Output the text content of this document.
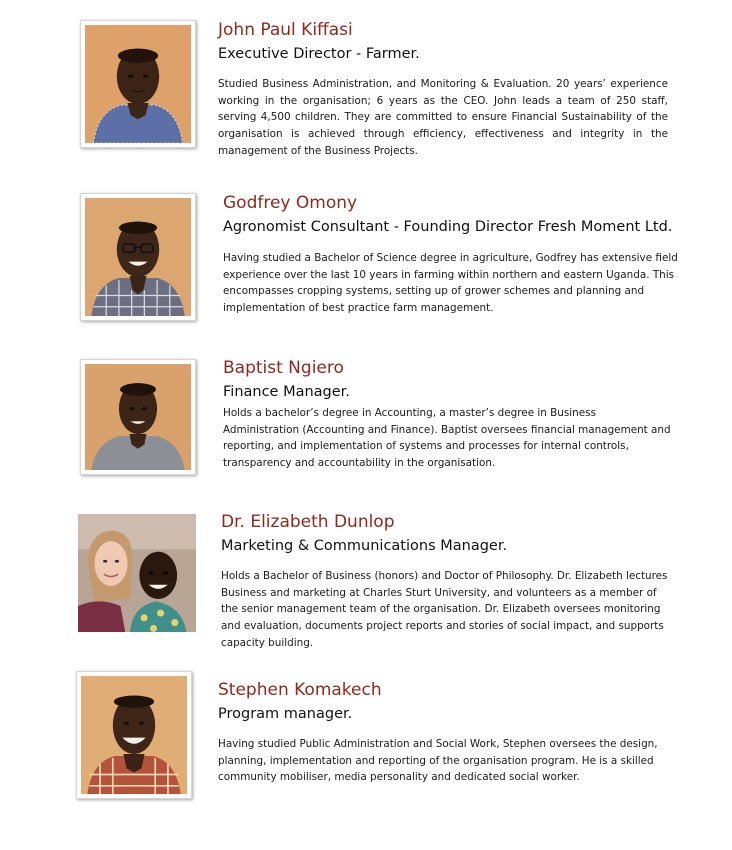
John Paul Kiffasi
Executive Director - Farmer.

Studied Business Administration, and Monitoring & Evaluation. 20 years’ experience working in the organisation; 6 years as the CEO. John leads a team of 250 staff, serving 4,500 children. They are committed to ensure Financial Sustainability of the organisation is achieved through efficiency, effectiveness and integrity in the management of the Business Projects.

Godfrey Omony
Agronomist Consultant - Founding Director Fresh Moment Ltd.

Having studied a Bachelor of Science degree in agriculture, Godfrey has extensive field experience over the last 10 years in farming within northern and eastern Uganda. This encompasses cropping systems, setting up of grower schemes and planning and implementation of best practice farm management.

Baptist Ngiero
Finance Manager.

Holds a bachelor’s degree in Accounting, a master’s degree in Business Administration (Accounting and Finance). Baptist oversees financial management and reporting, and implementation of systems and processes for internal controls, transparency and accountability in the organisation.

Dr. Elizabeth Dunlop
Marketing & Communications Manager.

Holds a Bachelor of Business (honors) and Doctor of Philosophy. Dr. Elizabeth lectures Business and marketing at Charles Sturt University, and volunteers as a member of the senior management team of the organisation. Dr. Elizabeth oversees monitoring and evaluation, documents project reports and stories of social impact, and supports capacity building.

Stephen Komakech
Program manager.

Having studied Public Administration and Social Work, Stephen oversees the design, planning, implementation and reporting of the organisation program. He is a skilled community mobiliser, media personality and dedicated social worker.
